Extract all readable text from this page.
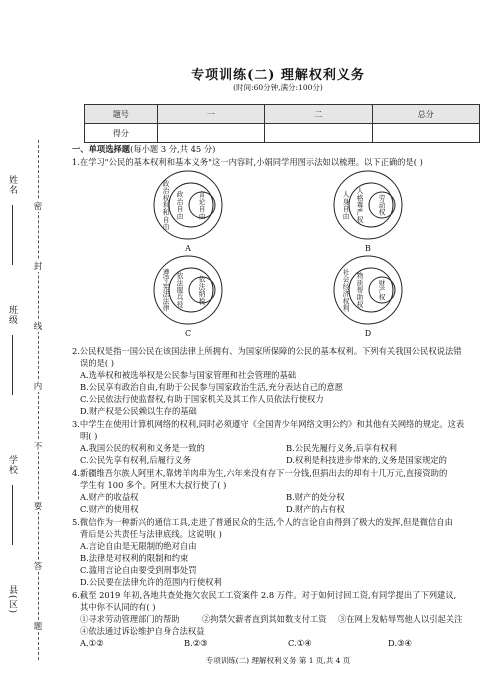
姓名
班级
学校
县(区)
密
封
线
内
不
要
答
题
专项训练(二) 理解权利义务
(时间:60分钟,满分:100分)
题号	一	二	总分
得分			
一、单项选择题(每小题 3 分,共 45 分)
1.在学习"公民的基本权利和基本义务"这一内容时,小娟同学用图示法如以梳理。以下正确的是( )
政
治
权
利
和
自
由
政
治
自
由
言
论
自
由
A
人
身
自
由
人
格
尊
严
权
劳
动
权
B
遵
守
宪
法
法
律
依
法
服
兵
役
依
法
纳
税
C
社
会
经
济
权
利
物
质
帮
助
权
财
产
权
D
2.公民权是指一国公民在该国法律上所拥有、为国家所保障的公民的基本权利。下列有关我国公民权说法错
误的是( )
A.选举权和被选举权是公民参与国家管理和社会管理的基础
B.公民享有政治自由,有助于公民参与国家政治生活,充分表达自己的意愿
C.公民依法行使监督权,有助于国家机关及其工作人员依法行使权力
D.财产权是公民赖以生存的基础
3.中学生在使用计算机网络的权利,同时必须遵守《全国青少年网络文明公约》和其他有关网络的规定。这表
明( )
A.我国公民的权利和义务是一致的	B.公民先履行义务,后享有权利
C.公民先享有权利,后履行义务	D.权利是科技进步带来的,义务是国家规定的
4.新疆维吾尔族人阿里木,靠烤羊肉串为生,六年来没有存下一分钱,但捐出去的却有十几万元,直接资助的
学生有 100 多个。阿里木大叔行使了( )
A.财产的收益权	B.财产的处分权
C.财产的使用权	D.财产的占有权
5.微信作为一种新兴的通信工具,走进了普通民众的生活,个人的言论自由得到了极大的发挥,但是微信自由
背后是公共责任与法律底线。这说明( )
A.言论自由是无限制的绝对自由
B.法律是对权利的限制和约束
C.滥用言论自由要受到刑事处罚
D.公民要在法律允许的范围内行使权利
6.截至 2019 年初,各地共查处拖欠农民工工资案件 2.8 万件。对于如何讨回工资,有同学提出了下列建议,
其中你不认同的有( )
①寻求劳动管理部门的帮助	②拘禁欠薪者直到其如数支付工资 ③在网上发帖辱骂他人以引起关注
④依法通过诉讼维护自身合法权益
A.①②	B.②③	C.①④	D.③④
专项训练(二) 理解权利义务 第 1 页,共 4 页
